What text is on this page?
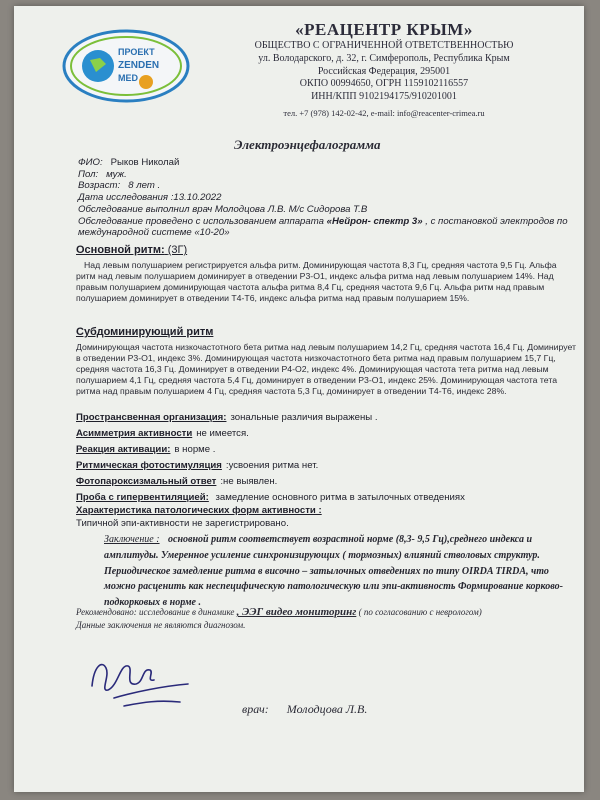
ПРОЕКТ
ZENDEN
MED
«РЕАЦЕНТР КРЫМ»
ОБЩЕСТВО С ОГРАНИЧЕННОЙ ОТВЕТСТВЕННОСТЬЮ
ул. Володарского, д. 32, г. Симферополь, Республика Крым
Российская Федерация, 295001
ОКПО 00994650, ОГРН 1159102116557
ИНН/КПП 9102194175/910201001
тел. +7 (978) 142-02-42, e-mail: info@reacenter-crimea.ru
Электроэнцефалограмма
ФИО: Рыков Николай
Пол: муж.
Возраст: 8 лет .
Дата исследования :13.10.2022
Обследование выполнил врач Молодцова Л.В. М/с Сидорова Т.В
Обследование проведено с использованием аппарата «Нейрон- спектр 3» , с постановкой электродов по международной системе «10-20»
Основной ритм: (3Г)
Над левым полушарием регистрируется альфа ритм. Доминирующая частота 8,3 Гц, средняя частота 9,5 Гц. Альфа ритм над левым полушарием доминирует в отведении P3-O1, индекс альфа ритма над левым полушарием 14%. Над правым полушарием доминирующая частота альфа ритма 8,4 Гц, средняя частота 9,6 Гц. Альфа ритм над правым полушарием доминирует в отведении T4-T6, индекс альфа ритма над правым полушарием 15%.
Субдоминирующий ритм
Доминирующая частота низкочастотного бета ритма над левым полушарием 14,2 Гц, средняя частота 16,4 Гц. Доминирует в отведении P3-O1, индекс 3%. Доминирующая частота низкочастотного бета ритма над правым полушарием 15,7 Гц, средняя частота 16,3 Гц. Доминирует в отведении P4-O2, индекс 4%. Доминирующая частота тета ритма над левым полушарием 4,1 Гц, средняя частота 5,4 Гц, доминирует в отведении P3-O1, индекс 25%. Доминирующая частота тета ритма над правым полушарием 4 Гц, средняя частота 5,3 Гц, доминирует в отведении T4-T6, индекс 28%.
Пространсвенная организация: зональные различия выражены .
Асимметрия активности не имеется.
Реакция активации: в норме .
Ритмическая фотостимуляция :усвоения ритма нет.
Фотопароксизмальный ответ :не выявлен.
Проба с гипервентиляцией: замедление основного ритма в затылочных отведениях
Характеристика патологических форм активности :
Типичной эпи-активности не зарегистрировано.
Заключение : основной ритм соответствует возрастной норме (8,3- 9,5 Гц),среднего индекса и амплитуды. Умеренное усиление синхронизирующих ( тормозных) влияний стволовых структур. Периодическое замедление ритма в височно – затылочных отведениях по типу OIRDA TIRDA, что можно расценить как неспецифическую патологическую или эпи-активность Формирование корково-подкорковых в норме .
Рекомендовано: исследование в динамике , ЭЭГ видео мониторинг ( по согласованию с неврологом)
Данные заключения не являются диагнозом.
врач: Молодцова Л.В.
